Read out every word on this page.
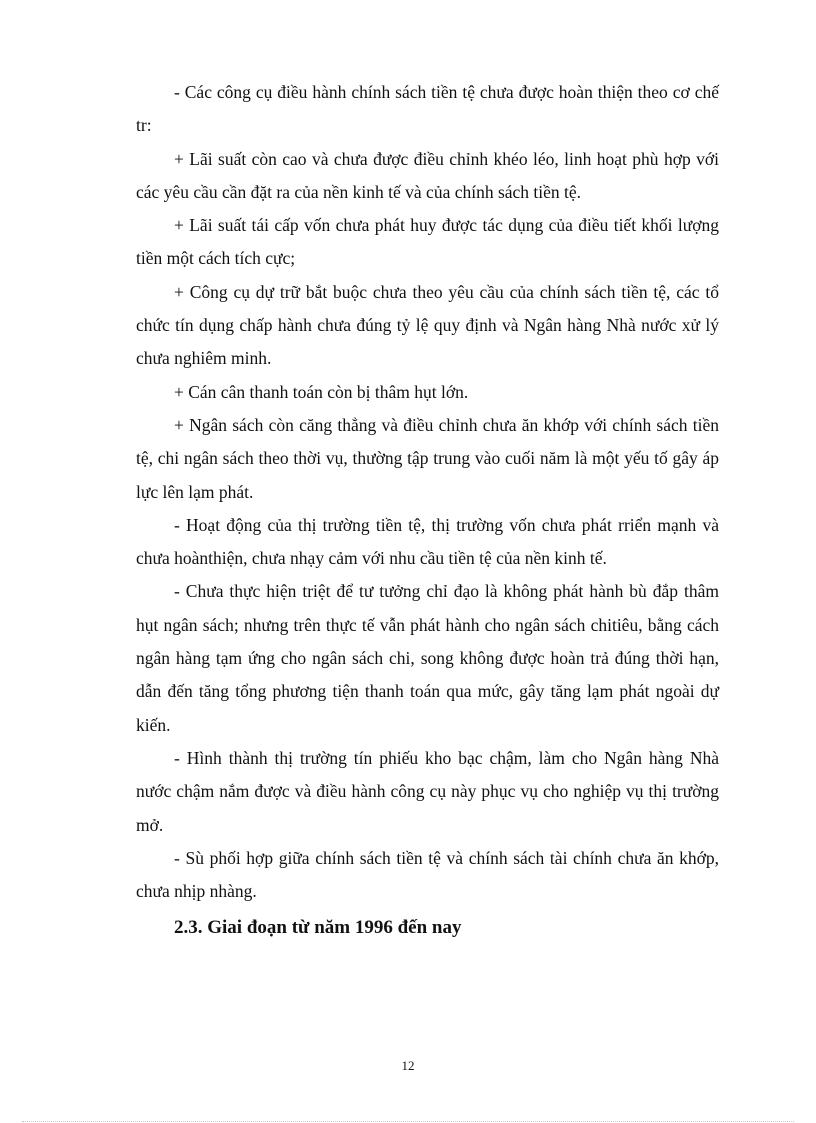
- Các công cụ điều hành chính sách tiền tệ chưa được hoàn thiện theo cơ chế tr:

+ Lãi suất còn cao và chưa được điều chỉnh khéo léo, linh hoạt phù hợp với các yêu cầu cần đặt ra của nền kinh tế và của chính sách tiền tệ.

+ Lãi suất tái cấp vốn chưa phát huy được tác dụng của điều tiết khối lượng tiền một cách tích cực;

+ Công cụ dự trữ bắt buộc chưa theo yêu cầu của chính sách tiền tệ, các tổ chức tín dụng chấp hành chưa đúng tỷ lệ quy định và Ngân hàng Nhà nước xử lý chưa nghiêm minh.

+ Cán cân thanh toán còn bị thâm hụt lớn.

+ Ngân sách còn căng thẳng và điều chỉnh chưa ăn khớp với chính sách tiền tệ, chi ngân sách theo thời vụ, thường tập trung vào cuối năm là một yếu tố gây áp lực lên lạm phát.

- Hoạt động của thị trường tiền tệ, thị trường vốn chưa phát rriển mạnh và chưa hoànthiện, chưa nhạy cảm với nhu cầu tiền tệ của nền kinh tế.

- Chưa thực hiện triệt để tư tưởng chỉ đạo là không phát hành bù đắp thâm hụt ngân sách; nhưng trên thực tế vẫn phát hành cho ngân sách chitiêu, bằng cách ngân hàng tạm ứng cho ngân sách chi, song không được hoàn trả đúng thời hạn, dẫn đến tăng tổng phương tiện thanh toán qua mức, gây tăng lạm phát ngoài dự kiến.

- Hình thành thị trường tín phiếu kho bạc chậm, làm cho Ngân hàng Nhà nước chậm nắm được và điều hành công cụ này phục vụ cho nghiệp vụ thị trường mở.

- Sù phối hợp giữa chính sách tiền tệ và chính sách tài chính chưa ăn khớp, chưa nhịp nhàng.

2.3. Giai đoạn từ năm 1996 đến nay
12
